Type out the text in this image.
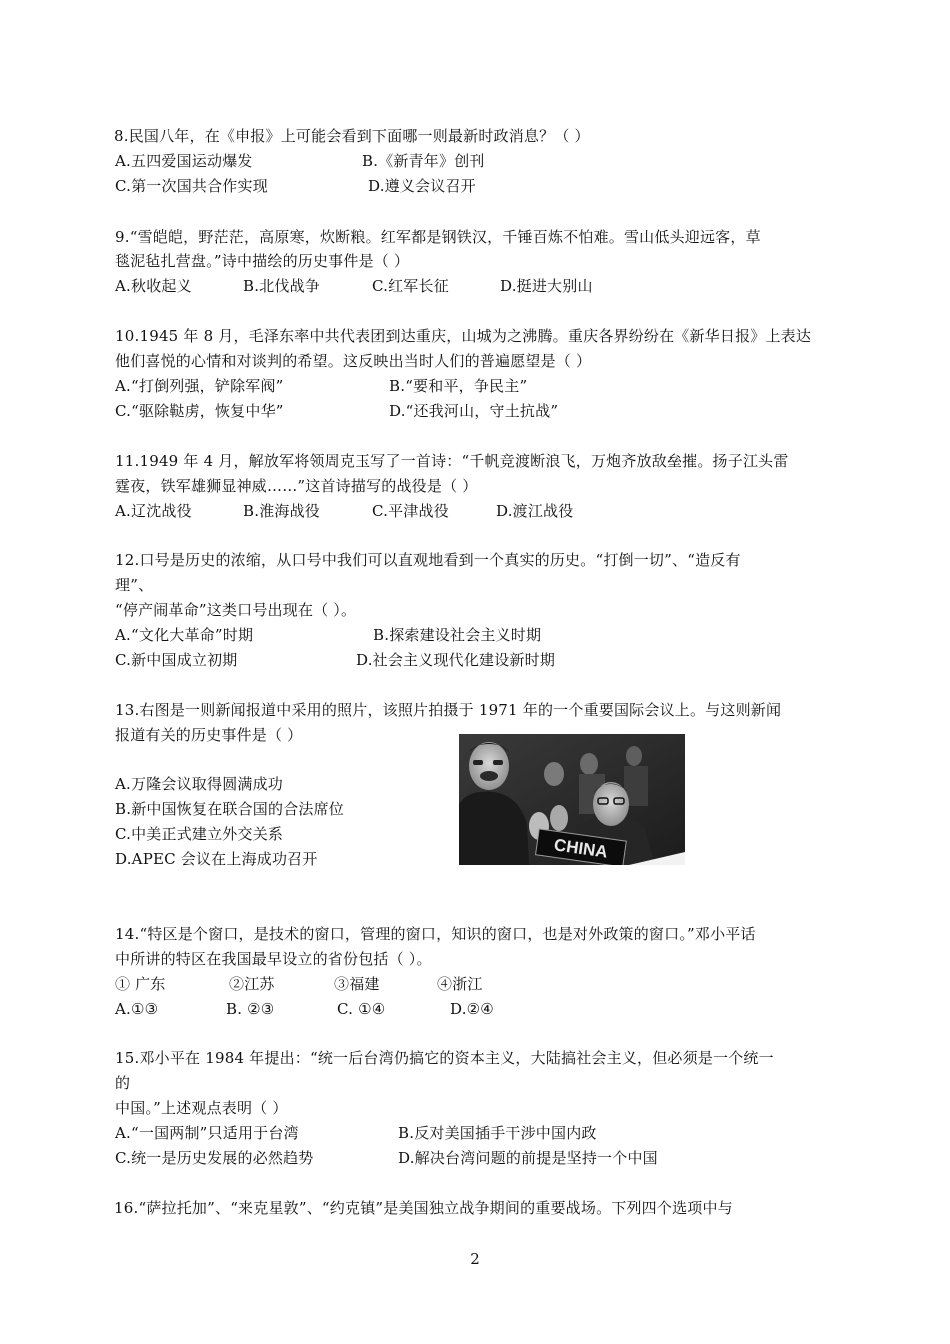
8.民国八年，在《申报》上可能会看到下面哪一则最新时政消息？（ ）
A.五四爱国运动爆发	B.《新青年》创刊
C.第一次国共合作实现	D.遵义会议召开
9.“雪皑皑，野茫茫，高原寒，炊断粮。红军都是钢铁汉，千锤百炼不怕难。雪山低头迎远客，草
毯泥毡扎营盘。”诗中描绘的历史事件是（ ）
A.秋收起义	B.北伐战争	C.红军长征	D.挺进大别山
10.1945 年 8 月，毛泽东率中共代表团到达重庆，山城为之沸腾。重庆各界纷纷在《新华日报》上表达
他们喜悦的心情和对谈判的希望。这反映出当时人们的普遍愿望是（ ）
A.“打倒列强，铲除军阀”	B.“要和平，争民主”
C.“驱除鞑虏，恢复中华”	D.“还我河山，守土抗战”
11.1949 年 4 月，解放军将领周克玉写了一首诗：“千帆竞渡断浪飞，万炮齐放敌垒摧。扬子江头雷
霆夜，铁军雄狮显神威……”这首诗描写的战役是（ ）
A.辽沈战役	B.淮海战役	C.平津战役	D.渡江战役
12.口号是历史的浓缩，从口号中我们可以直观地看到一个真实的历史。“打倒一切”、“造反有
理”、
“停产闹革命”这类口号出现在（ ）。
A.“文化大革命”时期	B.探索建设社会主义时期
C.新中国成立初期	D.社会主义现代化建设新时期
13.右图是一则新闻报道中采用的照片，该照片拍摄于 1971 年的一个重要国际会议上。与这则新闻
报道有关的历史事件是（ ）
A.万隆会议取得圆满成功
B.新中国恢复在联合国的合法席位
C.中美正式建立外交关系
D.APEC 会议在上海成功召开	CHINA
14.“特区是个窗口，是技术的窗口，管理的窗口，知识的窗口，也是对外政策的窗口。”邓小平话
中所讲的特区在我国最早设立的省份包括（ ）。
① 广东	②江苏	③福建	④浙江
A.①③	B. ②③	C. ①④	D.②④
15.邓小平在 1984 年提出：“统一后台湾仍搞它的资本主义，大陆搞社会主义，但必须是一个统一
的
中国。”上述观点表明（ ）
A.“一国两制”只适用于台湾	B.反对美国插手干涉中国内政
C.统一是历史发展的必然趋势	D.解决台湾问题的前提是坚持一个中国
16.“萨拉托加”、“来克星敦”、“约克镇”是美国独立战争期间的重要战场。下列四个选项中与
2
